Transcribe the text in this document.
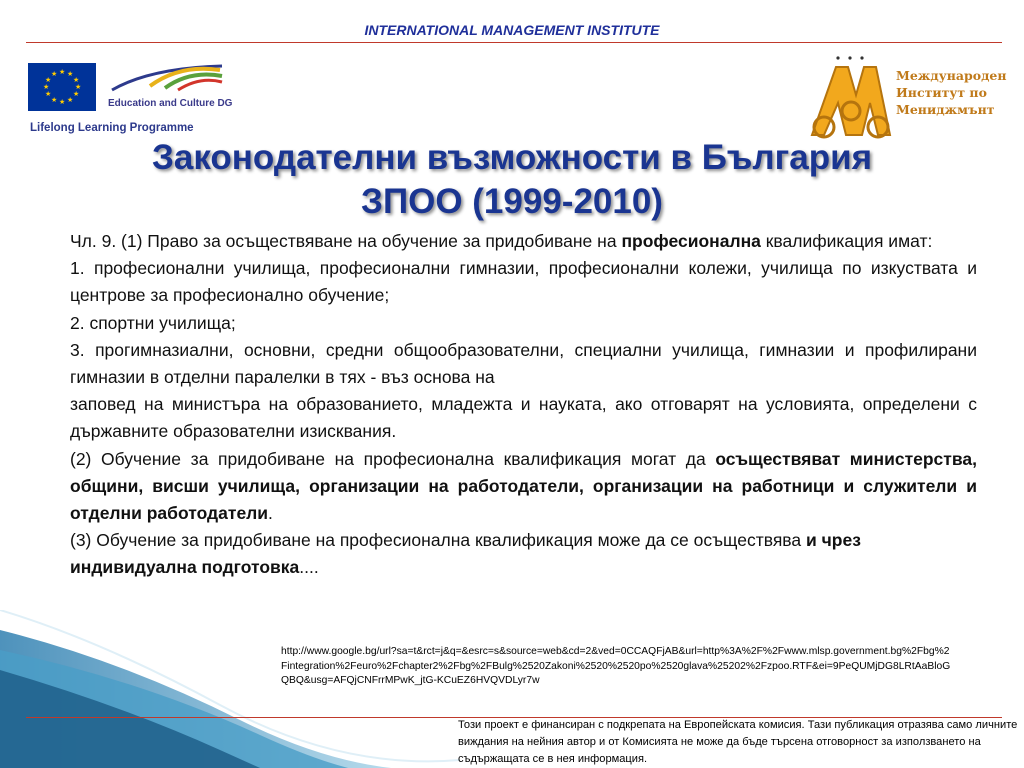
INTERNATIONAL MANAGEMENT INSTITUTE
★ ★
★
★
★
★
★
★
★
★
★
★
Education and Culture DG
Lifelong Learning Programme
Международен
Институт по
Мениджмънт
Законодателни възможности в България
ЗПОО (1999-2010)

Чл. 9. (1) Право за осъществяване на обучение за придобиване на професионална квалификация имат:

1. професионални училища, професионални гимназии, професионални колежи, училища по изкуствата и центрове за професионално обучение;

2. спортни училища;

3. прогимназиални, основни, средни общообразователни, специални училища, гимназии и профилирани гимназии в отделни паралелки в тях - въз основа на

заповед на министъра на образованието, младежта и науката, ако отговарят на условията, определени с държавните образователни изисквания.

(2) Обучение за придобиване на професионална квалификация могат да осъществяват министерства, общини, висши училища, организации на работодатели, организации на работници и служители и отделни работодатели.

(3) Обучение за придобиване на професионална квалификация може да се осъществява и чрез индивидуална подготовка....

http://www.google.bg/url?sa=t&rct=j&q=&esrc=s&source=web&cd=2&ved=0CCAQFjAB&url=http%3A%2F%2Fwww.mlsp.government.bg%2Fbg%2Fintegration%2Feuro%2Fchapter2%2Fbg%2FBulg%2520Zakoni%2520%2520po%2520glava%25202%2Fzpoo.RTF&ei=9PeQUMjDG8LRtAaBloGQBQ&usg=AFQjCNFrrMPwK_jtG-KCuEZ6HVQVDLyr7w
Този проект е финансиран с подкрепата на Европейската комисия. Тази публикация отразява само личните виждания на нейния автор и от Комисията не може да бъде търсена отговорност за използването на съдържащата се в нея информация.
